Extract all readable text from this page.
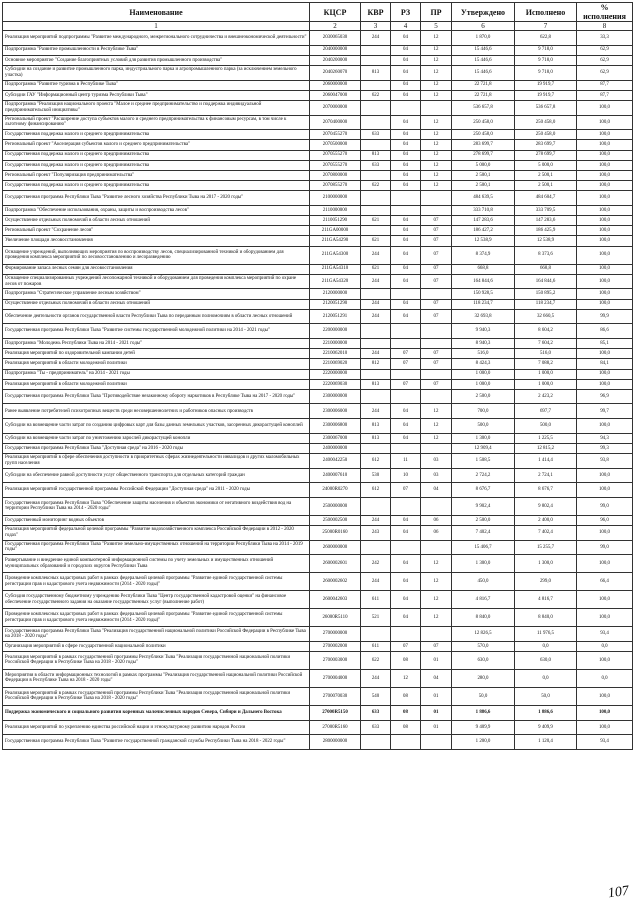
Наименование	КЦСР	КВР	РЗ	ПР	Утверждено	Исполнено	% исполнения
1	2	3	4	5	6	7	8
Реализация мероприятий подпрограммы "Развитие международного, межрегионального сотрудничества и внешнеэкономической деятельности"	2030065030	244	04	12	1 870,0	622,8	33,3
Подпрограмма "Развитие промышленности в Республике Тыва"	2040000000		04	12	15 446,6	9 718,0	62,9
Основное мероприятие "Создание благоприятных условий для развития промышленного производства"	2040200000		04	12	15 446,6	9 718,0	62,9
Субсидии на создание и развитие промышленного парка, индустриального парка и агропромышленного парка (за исключением земельного участка)	2040260070	813	04	12	15 446,6	9 718,0	62,9
Подпрограмма "Развитие туризма в Республике Тыва"	2060000000		04	12	22 721,8	19 919,7	87,7
Субсидии ГАУ "Информационный центр туризма Республики Тыва"	2060047000	622	04	12	22 721,8	19 919,7	87,7
Подпрограмма "Реализация национального проекта "Малое и среднее предпринимательство и поддержка индивидуальной предпринимательской инициативы"	2070000000				536 657,8	536 657,8	100,0
Региональный проект "Расширение доступа субъектов малого и среднего предпринимательства к финансовым ресурсам, в том числе к льготному финансированию"	2070400000		04	12	250 458,0	250 458,0	100,0
Государственная поддержка малого и среднего предпринимательства	2070455270	633	04	12	250 458,0	250 458,0	100,0
Региональный проект "Акселерация субъектов малого и среднего предпринимательства"	2070500000		04	12	283 699,7	283 699,7	100,0
Государственная поддержка малого и среднего предпринимательства	2070555270	813	04	12	278 699,7	278 699,7	100,0
Государственная поддержка малого и среднего предпринимательства	2070555270	633	04	12	5 000,0	5 000,0	100,0
Региональный проект "Популяризация предпринимательства"	2070800000		04	12	2 500,1	2 500,1	100,0
Государственная поддержка малого и среднего предпринимательства	2070855270	622	04	12	2 500,1	2 500,1	100,0
Государственная программа Республики Тыва "Развитие лесного хозяйства Республики Тыва на 2017 - 2020 годы"	2100000000				484 639,5	484 604,7	100,0
Подпрограмма "Обеспечение использования, охраны, защиты и воспроизводства лесов"	2110000000				333 710,8	333 709,5	100,0
Осуществление отдельных полномочий в области лесных отношений	2110051290	621	04	07	147 283,6	147 283,6	100,0
Региональный проект "Сохранение лесов"	211GA00000		04	07	186 427,2	186 425,9	100,0
Увеличение площади лесовосстановления	211GA54290	621	04	07	12 538,9	12 538,9	100,0
Оснащение учреждений, выполняющих мероприятия по воспроизводству лесов, специализированной техникой и оборудованием для проведения комплекса мероприятий по лесовосстановлению и лесоразведению	211GA54300	244	04	07	8 374,9	8 373,6	100,0
Формирование запаса лесных семян для лесовосстановления	211GA54310	621	04	07	668,8	668,8	100,0
Оснащение специализированных учреждений лесопожарной техникой и оборудованием для проведения комплекса мероприятий по охране лесов от пожаров	211GA54320	244	04	07	164 844,6	164 844,6	100,0
Подпрограмма "Стратегическое управление лесным хозяйством"	2120000000				150 928,5	150 895,2	100,0
Осуществление отдельных полномочий в области лесных отношений	2120051290	244	04	07	118 234,7	118 234,7	100,0
Обеспечение деятельности органов государственной власти Республики Тыва по переданным полномочиям в области лесных отношений	2120051291	244	04	07	32 693,8	32 660,5	99,9
Государственная программа Республики Тыва "Развитие системы государственной молодежной политики на 2014 - 2021 годы"	2200000000				9 940,3	8 604,2	86,6
Подпрограмма "Молодежь Республики Тыва на 2014 - 2021 годы"	2210000000				8 940,3	7 604,2	85,1
Реализация мероприятий по оздоровительной кампании детей	2210062010	244	07	07	516,0	516,0	100,0
Реализация мероприятий в области молодежной политики	2210069020	812	07	07	8 424,3	7 088,2	84,1
Подпрограмма "Ты - предприниматель" на 2014 - 2021 годы	2220000000				1 000,0	1 000,0	100,0
Реализация мероприятий в области молодежной политики	2220069030	813	07	07	1 000,0	1 000,0	100,0
Государственная программа Республики Тыва "Противодействие незаконному обороту наркотиков в Республике Тыва на 2017 - 2020 годы"	2300000000				2 500,0	2 423,2	96,9
Ранее выявление потребителей психотропных веществ среди несовершеннолетних и работников опасных производств	2300006000	244	04	12	700,0	697,7	99,7
Субсидии на возмещение части затрат по созданию цифровых карт для базы данных земельных участков, засоренных дикорастущей коноплей	2300006800	813	04	12	500,0	500,0	100,0
Субсидии на возмещение части затрат по уничтожению зарослей дикорастущей конопли	2300067000	813	04	12	1 300,0	1 225,5	94,3
Государственная программа Республики Тыва "Доступная среда" на 2016 - 2020 годы	2400000000				12 909,4	12 815,2	99,3
Реализация мероприятий в сфере обеспечения доступности в приоритетных сферах жизнедеятельности инвалидов и других маломобильных групп населения	2400042250	612	11	03	1 508,5	1 414,4	93,8
Субсидии на обеспечение равной доступности услуг общественного транспорта для отдельных категорий граждан	2400007610	530	10	03	2 724,2	2 724,1	100,0
Реализация мероприятий государственной программы Российской Федерации "Доступная среда" на 2011 - 2020 годы	24000R0270	612	07	04	8 676,7	8 676,7	100,0
Государственная программа Республики Тыва "Обеспечение защиты населения и объектов экономики от негативного воздействия вод на территории Республики Тыва на 2014 - 2020 годы"	2500000000				9 902,4	9 802,4	99,0
Государственный мониторинг водных объектов	2500002500	244	04	06	2 500,0	2 400,0	96,0
Реализация мероприятий федеральной целевой программы "Развитие водохозяйственного комплекса Российской Федерации в 2012 - 2020 годах"	25000R0160	243	04	06	7 402,4	7 402,4	100,0
Государственная программа Республики Тыва "Развитие земельно-имущественных отношений на территории Республики Тыва на 2014 - 2019 годы"	2600000000				15 406,7	15 255,7	99,0
Развертывание и внедрение единой компьютерной информационной системы по учету земельных и имущественных отношений муниципальных образований и городских округов Республики Тыва	2600002601	242	04	12	1 300,0	1 300,0	100,0
Проведение комплексных кадастровых работ в рамках федеральной целевой программы "Развитие единой государственной системы регистрации прав и кадастрового учета недвижимости (2014 - 2020 годы)"	2600002602	244	04	12	450,0	299,0	66,4
Субсидия государственному бюджетному учреждению Республики Тыва "Центр государственной кадастровой оценки" на финансовое обеспечение государственного задания на оказание государственных услуг (выполнение работ)	2600042603	611	04	12	4 816,7	4 816,7	100,0
Проведение комплексных кадастровых работ в рамках федеральной целевой программы "Развитие единой государственной системы регистрации прав и кадастрового учета недвижимости (2014 - 2020 годы)"	26000R5110	521	04	12	8 840,0	8 840,0	100,0
Государственная программа Республики Тыва "Реализация государственной национальной политики Российской Федерации в Республике Тыва на 2018 - 2020 годы"	2700000000				12 826,5	11 976,5	93,4
Организация мероприятий в сфере государственной национальной политики	2700002000	611	07	07	570,0	0,0	0,0
Реализация мероприятий в рамках государственной программы Республики Тыва "Реализация государственной национальной политики Российской Федерации в Республике Тыва на 2018 - 2020 годы"	2700003000	622	08	01	630,0	630,0	100,0
Мероприятия в области информационных технологий в рамках программы "Реализация государственной национальной политики Российской Федерации в Республике Тыва на 2018 - 2020 годы"	2700004000	244	12	04	280,0	0,0	0,0
Реализация мероприятий в рамках государственной программы Республики Тыва "Реализация государственной национальной политики Российской Федерации в Республике Тыва на 2018 - 2020 годы"	2700070030	540	08	01	50,0	50,0	100,0
Поддержка экономического и социального развития коренных малочисленных народов Севера, Сибири и Дальнего Востока	27000R5150	633	08	01	1 886,6	1 886,6	100,0
Реализация мероприятий по укреплению единства российской нации и этнокультурному развитию народов России	27000R5160	633	08	01	9 409,9	9 409,9	100,0
Государственная программа Республики Тыва "Развитие государственной гражданской службы Республики Тыва на 2018 - 2022 годы"	2800000000				1 200,0	1 120,4	93,4
107
